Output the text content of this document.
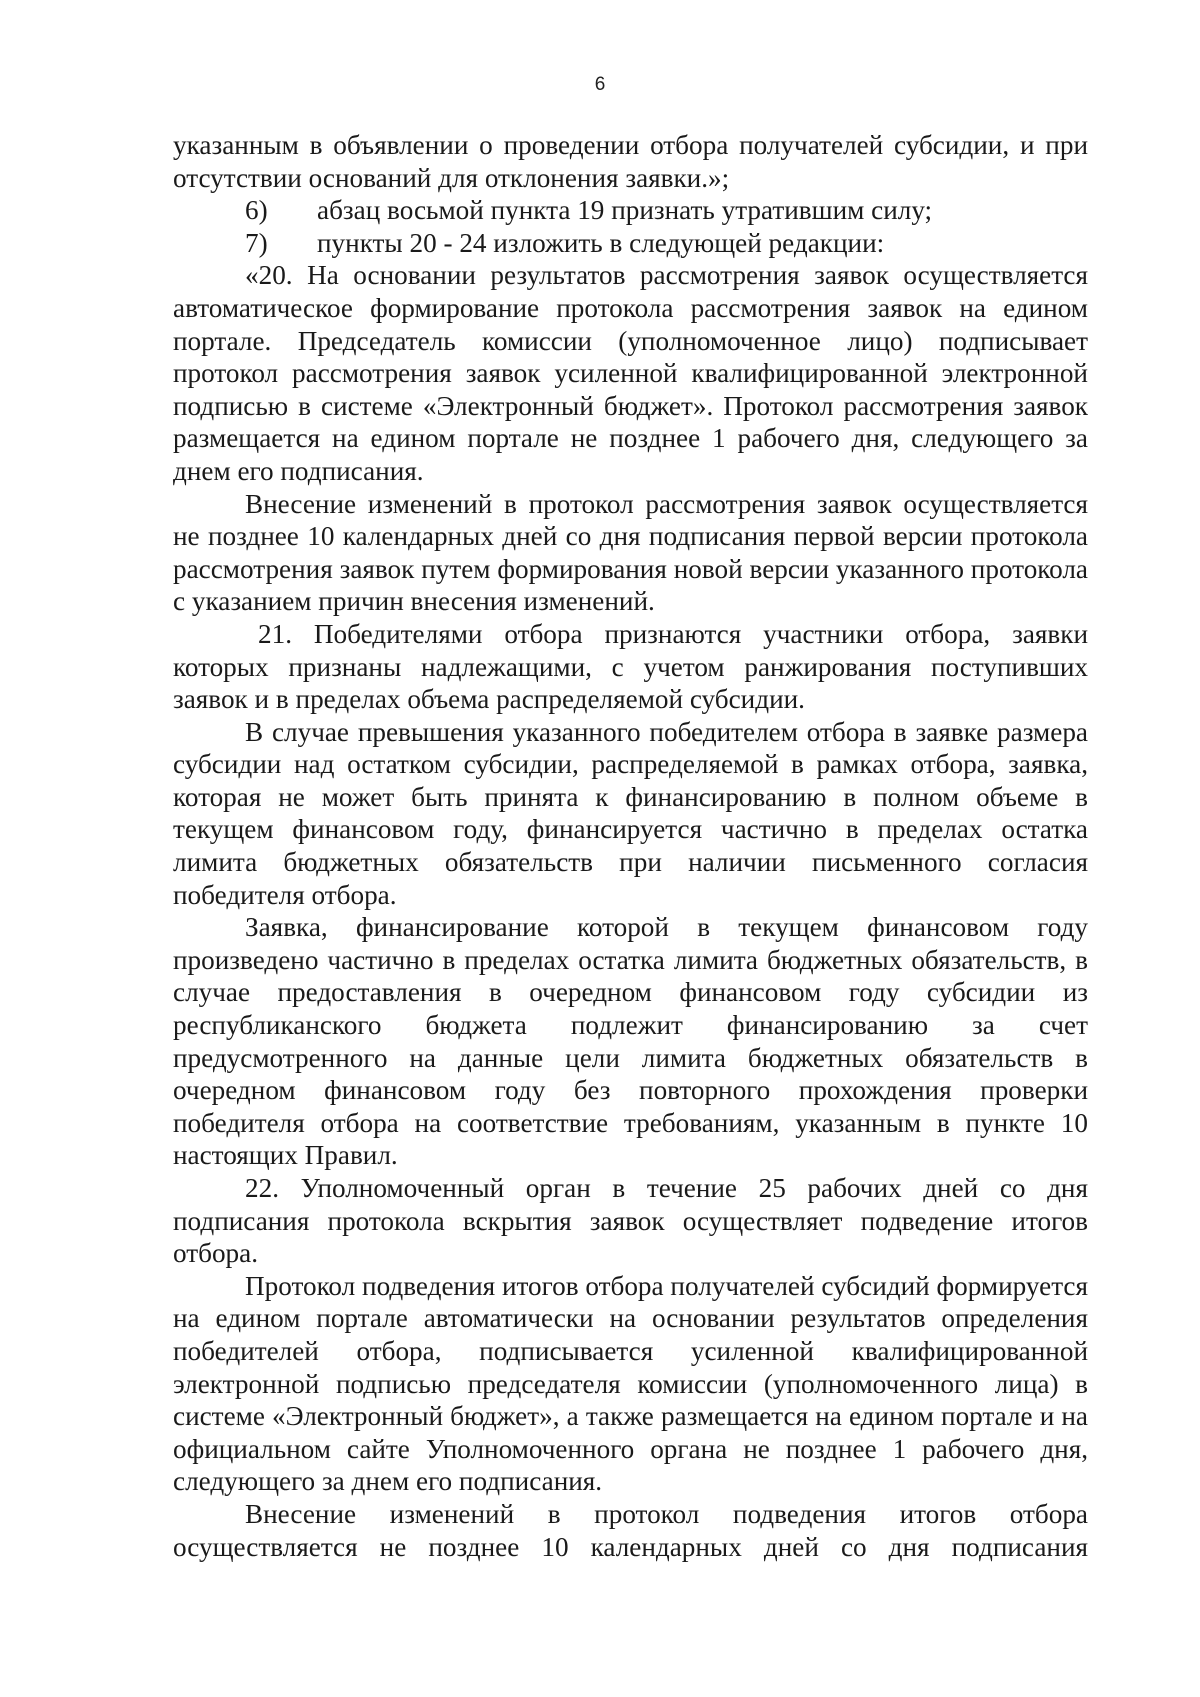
6

указанным в объявлении о проведении отбора получателей субсидии, и при отсутствии оснований для отклонения заявки.»;

6)	абзац восьмой пункта 19 признать утратившим силу;
7)	пункты 20 - 24 изложить в следующей редакции:

«20. На основании результатов рассмотрения заявок осуществляется автоматическое формирование протокола рассмотрения заявок на едином портале. Председатель комиссии (уполномоченное лицо) подписывает протокол рассмотрения заявок усиленной квалифицированной электронной подписью в системе «Электронный бюджет». Протокол рассмотрения заявок размещается на едином портале не позднее 1 рабочего дня, следующего за днем его подписания.

Внесение изменений в протокол рассмотрения заявок осуществляется не позднее 10 календарных дней со дня подписания первой версии протокола рассмотрения заявок путем формирования новой версии указанного протокола с указанием причин внесения изменений.

21. Победителями отбора признаются участники отбора, заявки которых признаны надлежащими, с учетом ранжирования поступивших заявок и в пределах объема распределяемой субсидии.

В случае превышения указанного победителем отбора в заявке размера субсидии над остатком субсидии, распределяемой в рамках отбора, заявка, которая не может быть принята к финансированию в полном объеме в текущем финансовом году, финансируется частично в пределах остатка лимита бюджетных обязательств при наличии письменного согласия победителя отбора.

Заявка, финансирование которой в текущем финансовом году произведено частично в пределах остатка лимита бюджетных обязательств, в случае предоставления в очередном финансовом году субсидии из республиканского бюджета подлежит финансированию за счет предусмотренного на данные цели лимита бюджетных обязательств в очередном финансовом году без повторного прохождения проверки победителя отбора на соответствие требованиям, указанным в пункте 10 настоящих Правил.

22. Уполномоченный орган в течение 25 рабочих дней со дня подписания протокола вскрытия заявок осуществляет подведение итогов отбора.

Протокол подведения итогов отбора получателей субсидий формируется на едином портале автоматически на основании результатов определения победителей отбора, подписывается усиленной квалифицированной электронной подписью председателя комиссии (уполномоченного лица) в системе «Электронный бюджет», а также размещается на едином портале и на официальном сайте Уполномоченного органа не позднее 1 рабочего дня, следующего за днем его подписания.

Внесение изменений в протокол подведения итогов отбора осуществляется не позднее 10 календарных дней со дня подписания
